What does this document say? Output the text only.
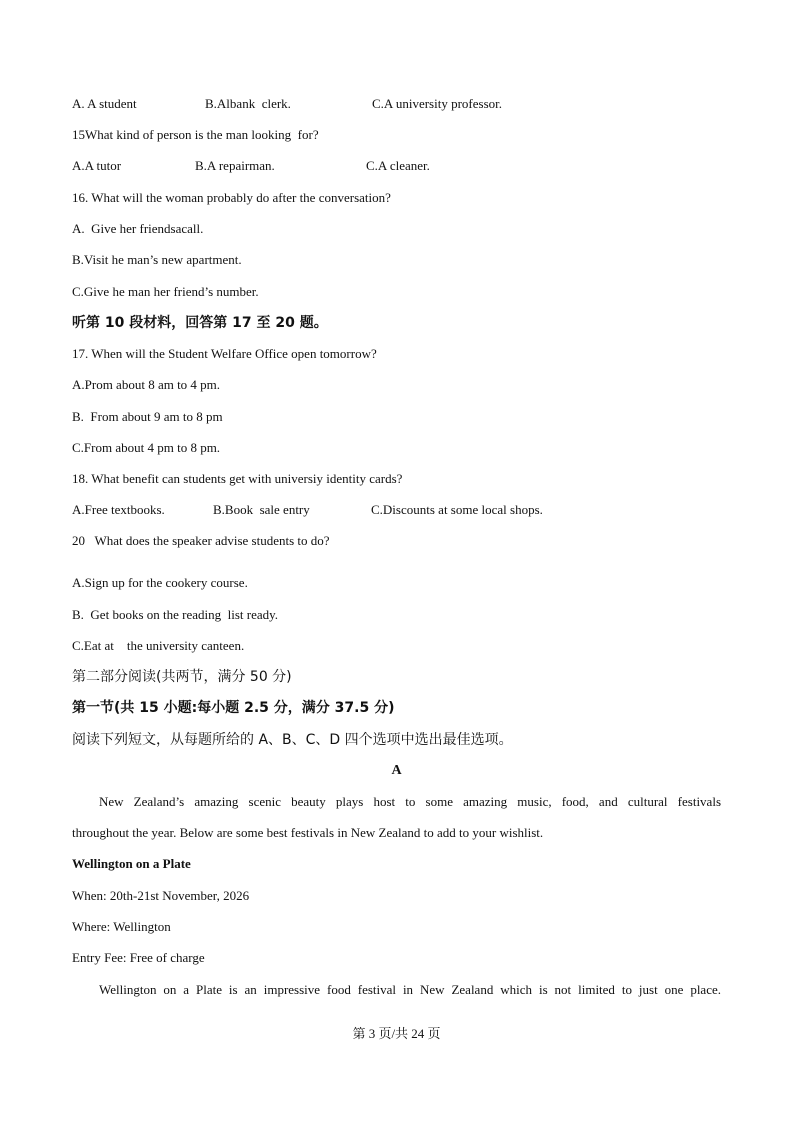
A. A student	B.Albank  clerk.	C.A university professor.
15What kind of person is the man looking  for?
A.A tutor	B.A repairman.	C.A cleaner.
16. What will the woman probably do after the conversation?
A.  Give her friendsacall.
B.Visit he man’s new apartment.
C.Give he man her friend’s number.
听第 10 段材料，回答第 17 至 20 题。
17. When will the Student Welfare Office open tomorrow?
A.Prom about 8 am to 4 pm.
B.  From about 9 am to 8 pm
C.From about 4 pm to 8 pm.
18. What benefit can students get with universiy identity cards?
A.Free textbooks.	B.Book  sale entry	C.Discounts at some local shops.
20   What does the speaker advise students to do?
A.Sign up for the cookery course.
B.  Get books on the reading  list ready.
C.Eat at    the university canteen.
第二部分阅读(共两节，满分 50 分)
第一节(共 15 小题:每小题 2.5 分，满分 37.5 分)
阅读下列短文，从每题所给的 A、B、C、D 四个选项中选出最佳选项。
A
New Zealand’s amazing scenic beauty plays host to some amazing music, food, and cultural festivals
throughout the year. Below are some best festivals in New Zealand to add to your wishlist.
Wellington on a Plate
When: 20th-21st November, 2026
Where: Wellington
Entry Fee: Free of charge
Wellington on a Plate is an impressive food festival in New Zealand which is not limited to just one place.
第 3 页/共 24 页
